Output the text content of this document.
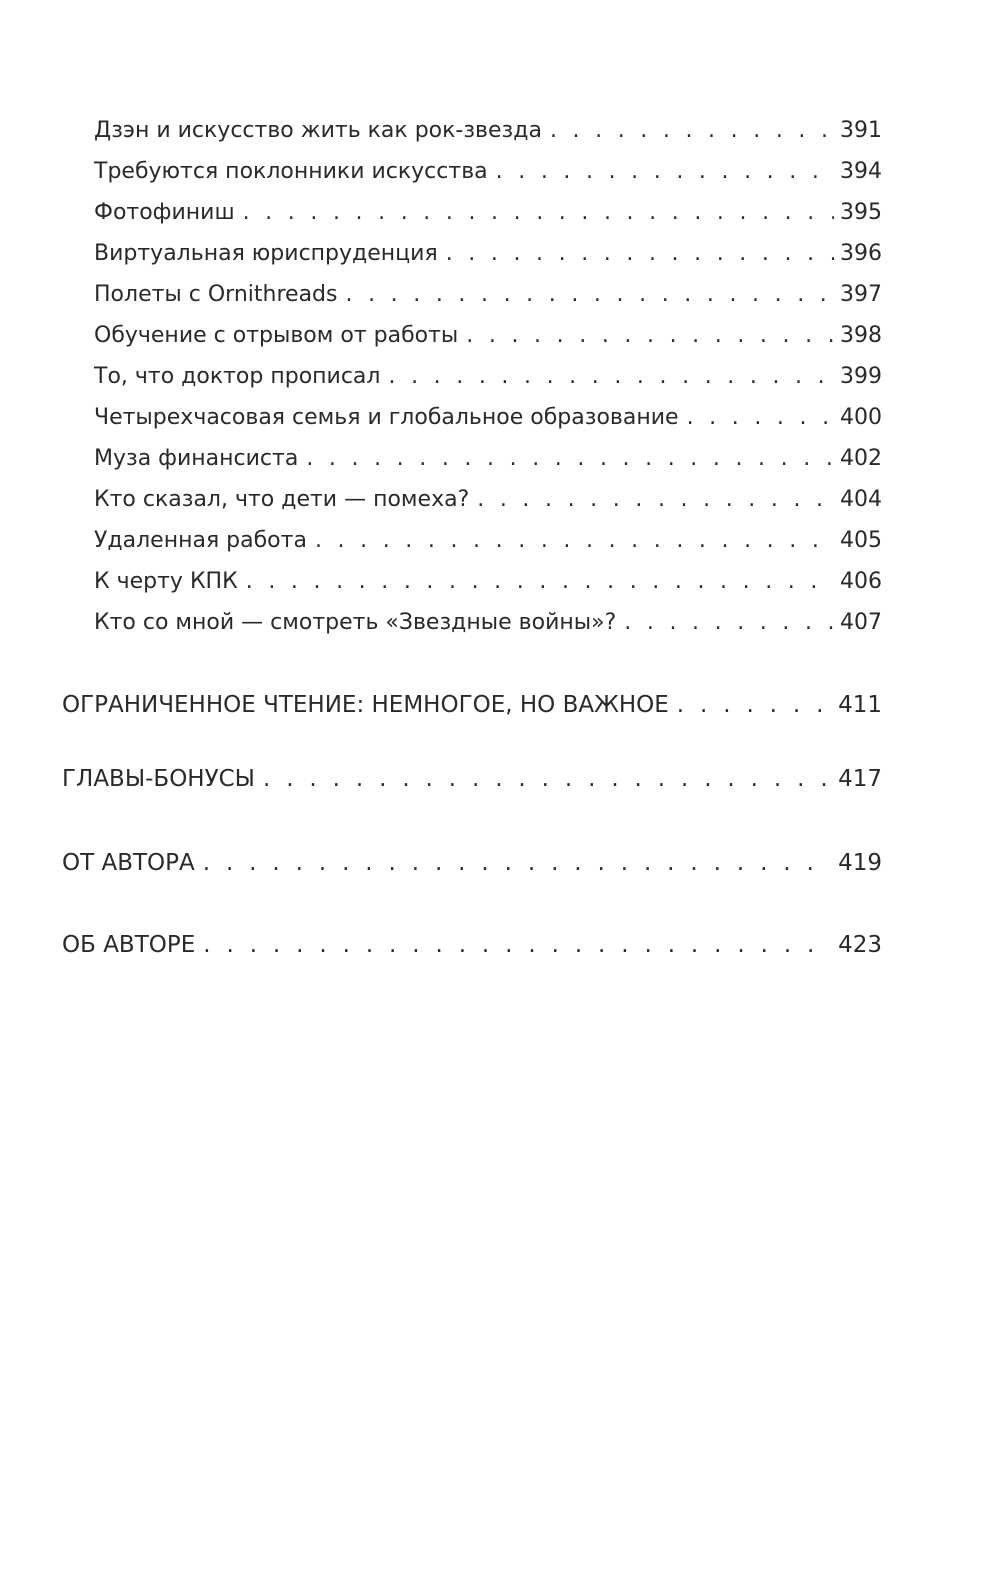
Дзэн и искусство жить как рок-звезда . . .	391
Требуются поклонники искусства . . .	394
Фотофиниш . . .	395
Виртуальная юриспруденция . . .	396
Полеты с Ornithreads . . .	397
Обучение с отрывом от работы . . .	398
То, что доктор прописал . . .	399
Четырехчасовая семья и глобальное образование . . .	400
Муза финансиста . . .	402
Кто сказал, что дети — помеха? . . .	404
Удаленная работа . . .	405
К черту КПК . . .	406
Кто со мной — смотреть «Звездные войны»? . . .	407
ОГРАНИЧЕННОЕ ЧТЕНИЕ: НЕМНОГОЕ, НО ВАЖНОЕ . . .	411
ГЛАВЫ-БОНУСЫ . . .	417
ОТ АВТОРА . . .	419
ОБ АВТОРЕ . . .	423
